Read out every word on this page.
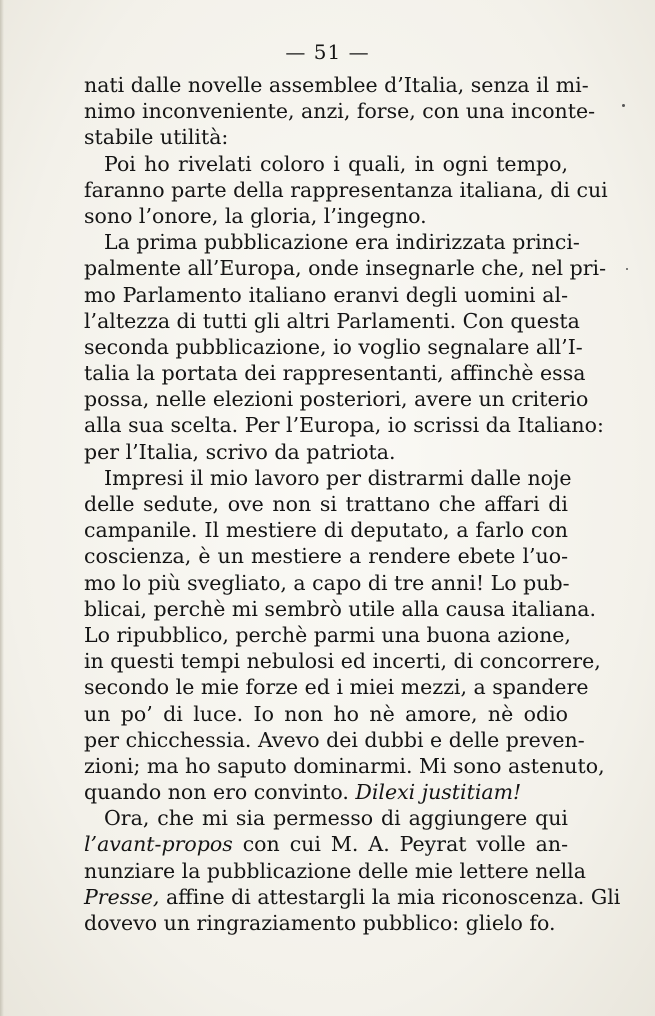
— 51 —
nati dalle novelle assemblee d’Italia, senza il mi-
nimo inconveniente, anzi, forse, con una inconte-
stabile utilità:
Poi ho rivelati coloro i quali, in ogni tempo,
faranno parte della rappresentanza italiana, di cui
sono l’onore, la gloria, l’ingegno.
La prima pubblicazione era indirizzata princi-
palmente all’Europa, onde insegnarle che, nel pri-
mo Parlamento italiano eranvi degli uomini al-
l’altezza di tutti gli altri Parlamenti. Con questa
seconda pubblicazione, io voglio segnalare all’I-
talia la portata dei rappresentanti, affinchè essa
possa, nelle elezioni posteriori, avere un criterio
alla sua scelta. Per l’Europa, io scrissi da Italiano:
per l’Italia, scrivo da patriota.
Impresi il mio lavoro per distrarmi dalle noje
delle sedute, ove non si trattano che affari di
campanile. Il mestiere di deputato, a farlo con
coscienza, è un mestiere a rendere ebete l’uo-
mo lo più svegliato, a capo di tre anni! Lo pub-
blicai, perchè mi sembrò utile alla causa italiana.
Lo ripubblico, perchè parmi una buona azione,
in questi tempi nebulosi ed incerti, di concorrere,
secondo le mie forze ed i miei mezzi, a spandere
un po’ di luce. Io non ho nè amore, nè odio
per chicchessia. Avevo dei dubbi e delle preven-
zioni; ma ho saputo dominarmi. Mi sono astenuto,
quando non ero convinto. Dilexi justitiam!
Ora, che mi sia permesso di aggiungere qui
l’avant-propos con cui M. A. Peyrat volle an-
nunziare la pubblicazione delle mie lettere nella
Presse, affine di attestargli la mia riconoscenza. Gli
dovevo un ringraziamento pubblico: glielo fo.
